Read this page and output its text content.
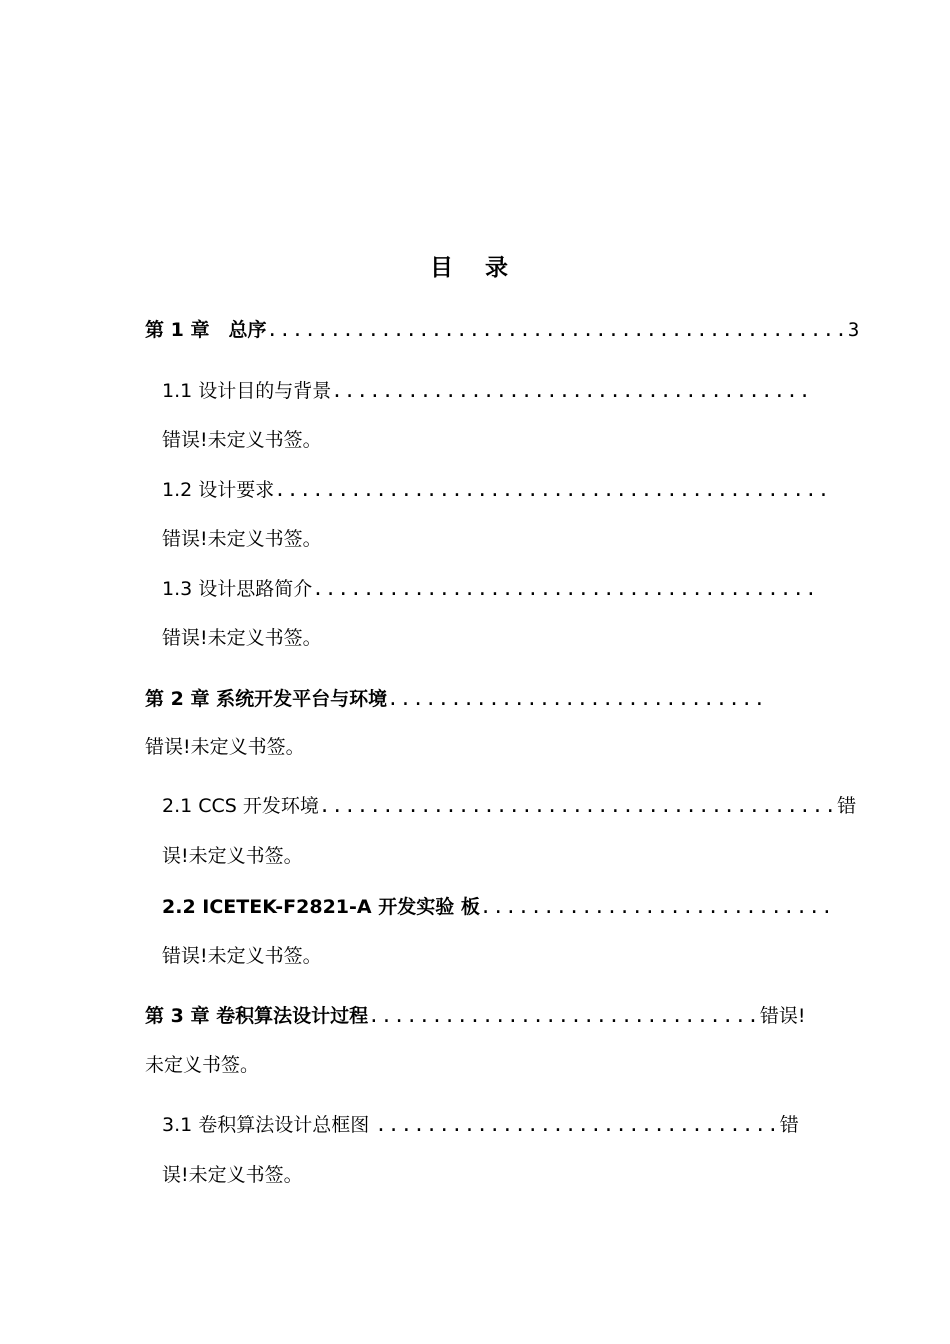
目 录
第 1 章　总序..............................................3
1.1 设计目的与背景......................................
错误!未定义书签。
1.2 设计要求............................................
错误!未定义书签。
1.3 设计思路简介........................................
错误!未定义书签。
第 2 章 系统开发平台与环境..............................
错误!未定义书签。
2.1 CCS 开发环境.........................................错
误!未定义书签。
2.2 ICETEK-F2821-A 开发实验 板............................
错误!未定义书签。
第 3 章 卷积算法设计过程...............................错误!
未定义书签。
3.1 卷积算法设计总框图 ................................错
误!未定义书签。
